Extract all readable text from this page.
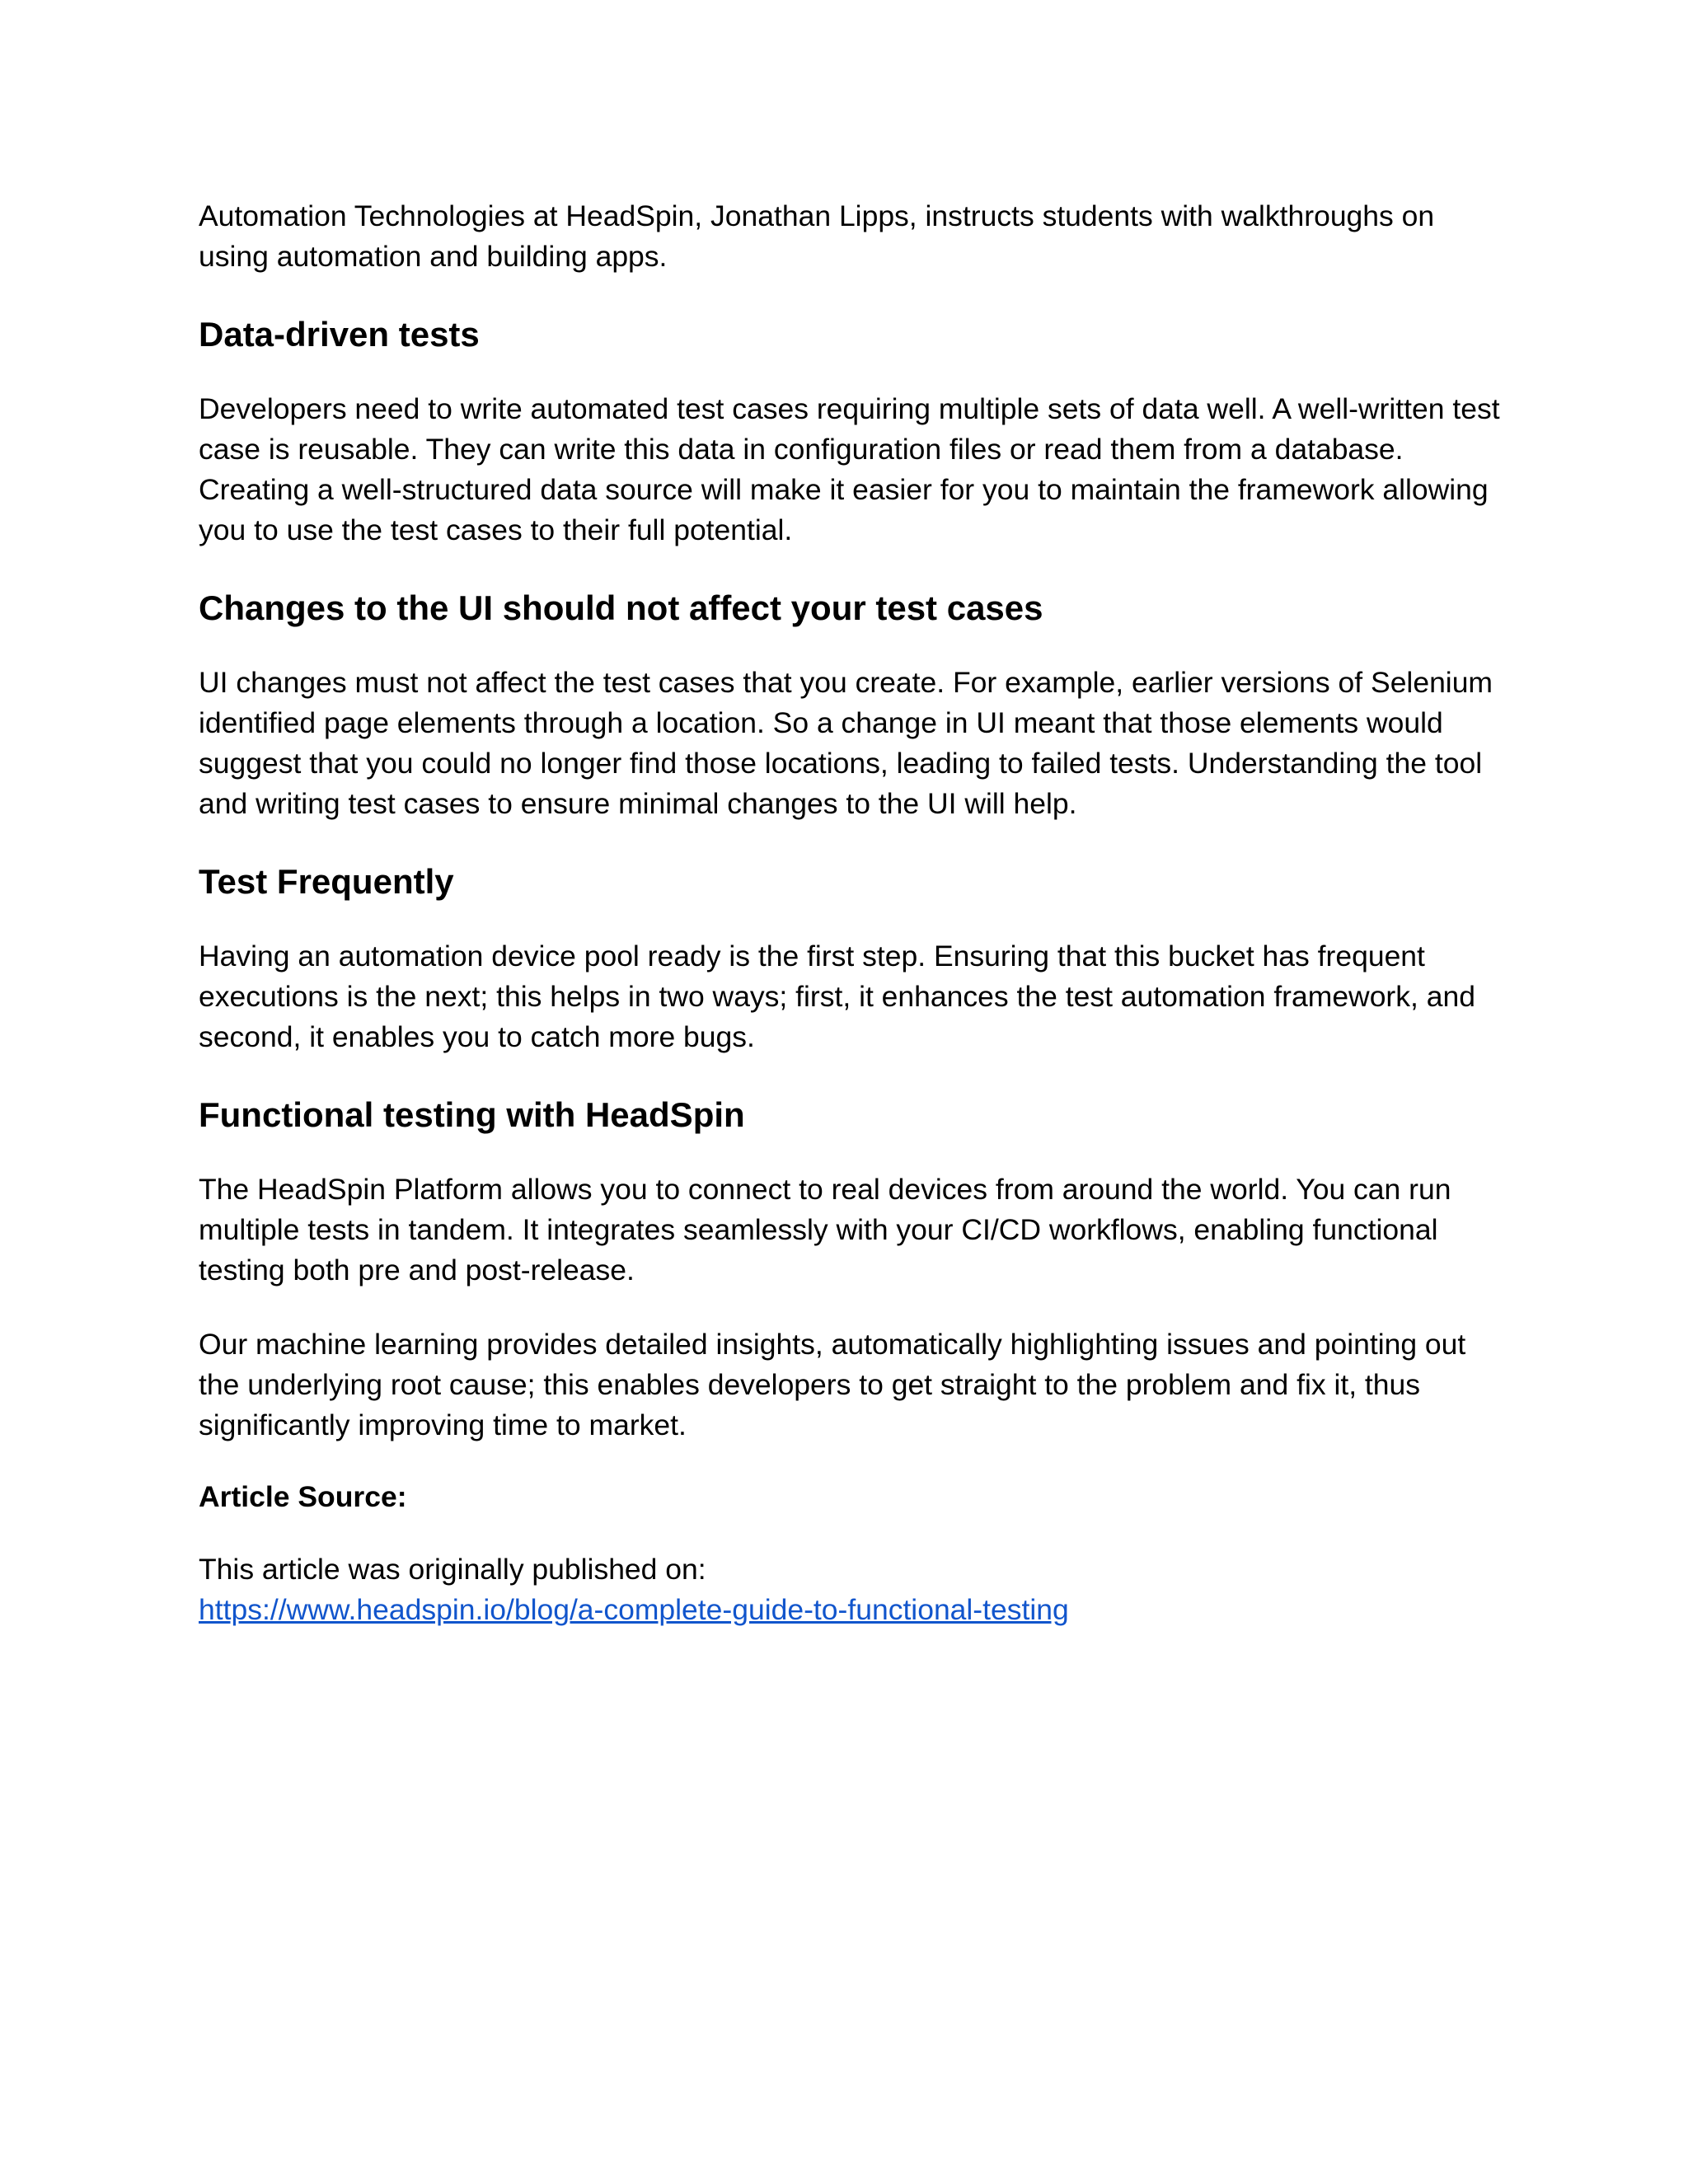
Automation Technologies at HeadSpin, Jonathan Lipps, instructs students with walkthroughs on using automation and building apps.

Data-driven tests

Developers need to write automated test cases requiring multiple sets of data well. A well-written test case is reusable. They can write this data in configuration files or read them from a database. Creating a well-structured data source will make it easier for you to maintain the framework allowing you to use the test cases to their full potential.

Changes to the UI should not affect your test cases

UI changes must not affect the test cases that you create. For example, earlier versions of Selenium identified page elements through a location. So a change in UI meant that those elements would suggest that you could no longer find those locations, leading to failed tests. Understanding the tool and writing test cases to ensure minimal changes to the UI will help.

Test Frequently

Having an automation device pool ready is the first step. Ensuring that this bucket has frequent executions is the next; this helps in two ways; first, it enhances the test automation framework, and second, it enables you to catch more bugs.

Functional testing with HeadSpin

The HeadSpin Platform allows you to connect to real devices from around the world. You can run multiple tests in tandem. It integrates seamlessly with your CI/CD workflows, enabling functional testing both pre and post-release.

Our machine learning provides detailed insights, automatically highlighting issues and pointing out the underlying root cause; this enables developers to get straight to the problem and fix it, thus significantly improving time to market.

Article Source:

This article was originally published on:

https://www.headspin.io/blog/a-complete-guide-to-functional-testing
